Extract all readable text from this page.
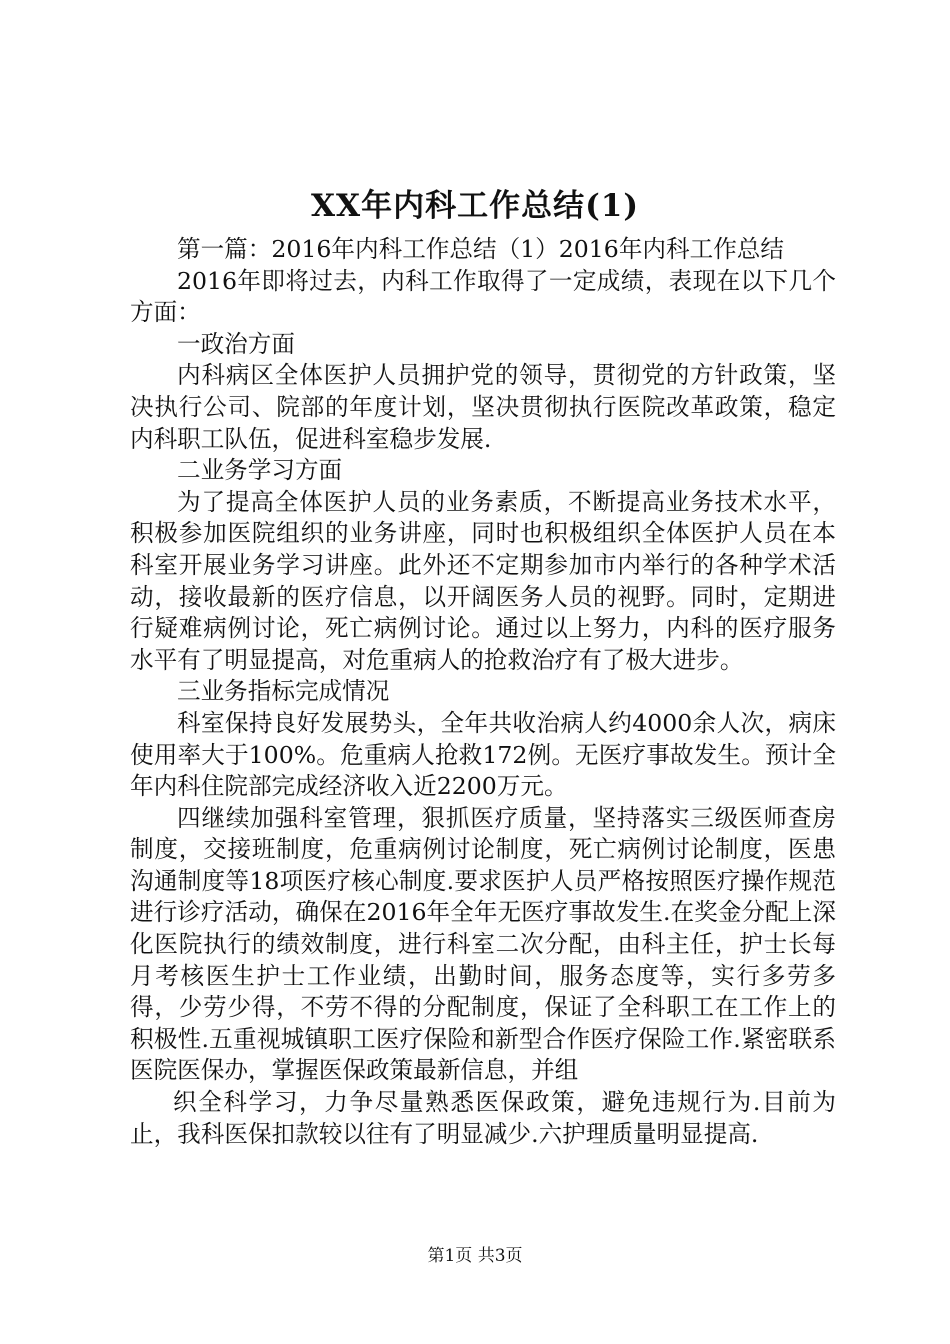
XX年内科工作总结(1)

第一篇：2016年内科工作总结（1）2016年内科工作总结

2016年即将过去，内科工作取得了一定成绩，表现在以下几个方面：

一政治方面

内科病区全体医护人员拥护党的领导，贯彻党的方针政策，坚决执行公司、院部的年度计划，坚决贯彻执行医院改革政策，稳定内科职工队伍，促进科室稳步发展.

二业务学习方面

为了提高全体医护人员的业务素质，不断提高业务技术水平，积极参加医院组织的业务讲座，同时也积极组织全体医护人员在本科室开展业务学习讲座。此外还不定期参加市内举行的各种学术活动，接收最新的医疗信息，以开阔医务人员的视野。同时，定期进行疑难病例讨论，死亡病例讨论。通过以上努力，内科的医疗服务水平有了明显提高，对危重病人的抢救治疗有了极大进步。

三业务指标完成情况

科室保持良好发展势头，全年共收治病人约4000余人次，病床使用率大于100%。危重病人抢救172例。无医疗事故发生。预计全年内科住院部完成经济收入近2200万元。

四继续加强科室管理，狠抓医疗质量，坚持落实三级医师查房制度，交接班制度，危重病例讨论制度，死亡病例讨论制度，医患沟通制度等18项医疗核心制度.要求医护人员严格按照医疗操作规范进行诊疗活动，确保在2016年全年无医疗事故发生.在奖金分配上深化医院执行的绩效制度，进行科室二次分配，由科主任，护士长每月考核医生护士工作业绩，出勤时间，服务态度等，实行多劳多得，少劳少得，不劳不得的分配制度，保证了全科职工在工作上的积极性.五重视城镇职工医疗保险和新型合作医疗保险工作.紧密联系医院医保办，掌握医保政策最新信息，并组

织全科学习，力争尽量熟悉医保政策，避免违规行为.目前为止，我科医保扣款较以往有了明显减少.六护理质量明显提高.

第1页 共3页
